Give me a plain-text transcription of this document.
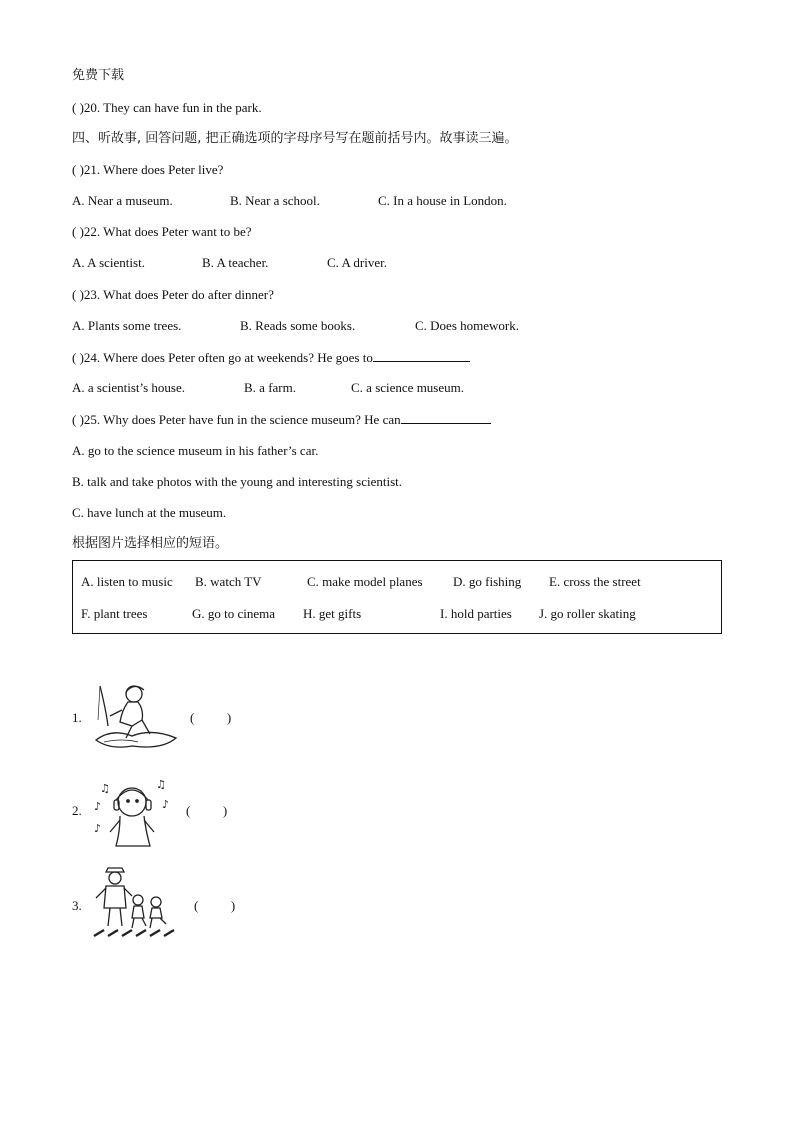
免费下载
( )20. They can have fun in the park.
四、听故事, 回答问题, 把正确选项的字母序号写在题前括号内。故事读三遍。
( )21. Where does Peter live?
A. Near a museum.	B. Near a school.	C. In a house in London.
( )22. What does Peter want to be?
A. A scientist.	B. A teacher.	C. A driver.
( )23. What does Peter do after dinner?
A. Plants some trees.	B. Reads some books.	C. Does homework.
( )24. Where does Peter often go at weekends? He goes to
A. a scientist’s house.	B. a farm.	C. a science museum.
( )25. Why does Peter have fun in the science museum? He can
A. go to the science museum in his father’s car.
B. talk and take photos with the young and interesting scientist.
C. have lunch at the museum.
根据图片选择相应的短语。
A. listen to music B. watch TV	C. make model planes D. go fishing E. cross the street
F. plant trees	G. go to cinema H. get gifts	I. hold parties J. go roller skating
1.	(          )
2. ♪
♫
♪
♫
♪
(          )
3.	(          )
